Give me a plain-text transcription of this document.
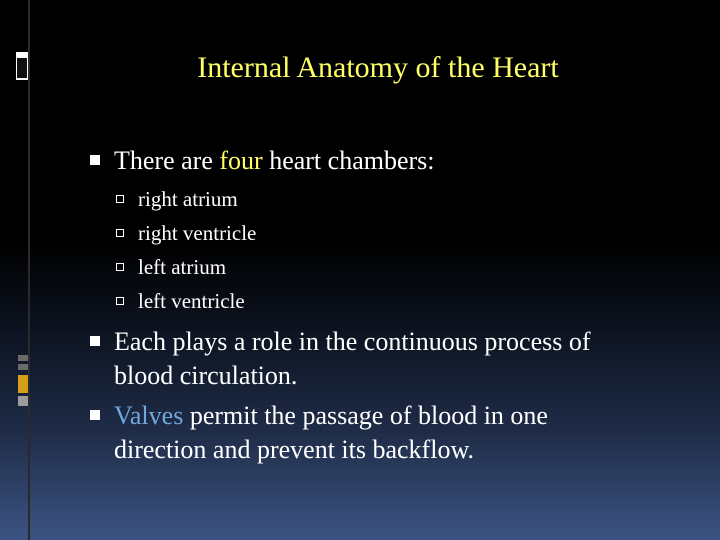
Internal Anatomy of the Heart
There are four heart chambers:
right atrium
right ventricle
left atrium
left ventricle
Each plays a role in the continuous process of
blood circulation.
Valves permit the passage of blood in one
direction and prevent its backflow.
